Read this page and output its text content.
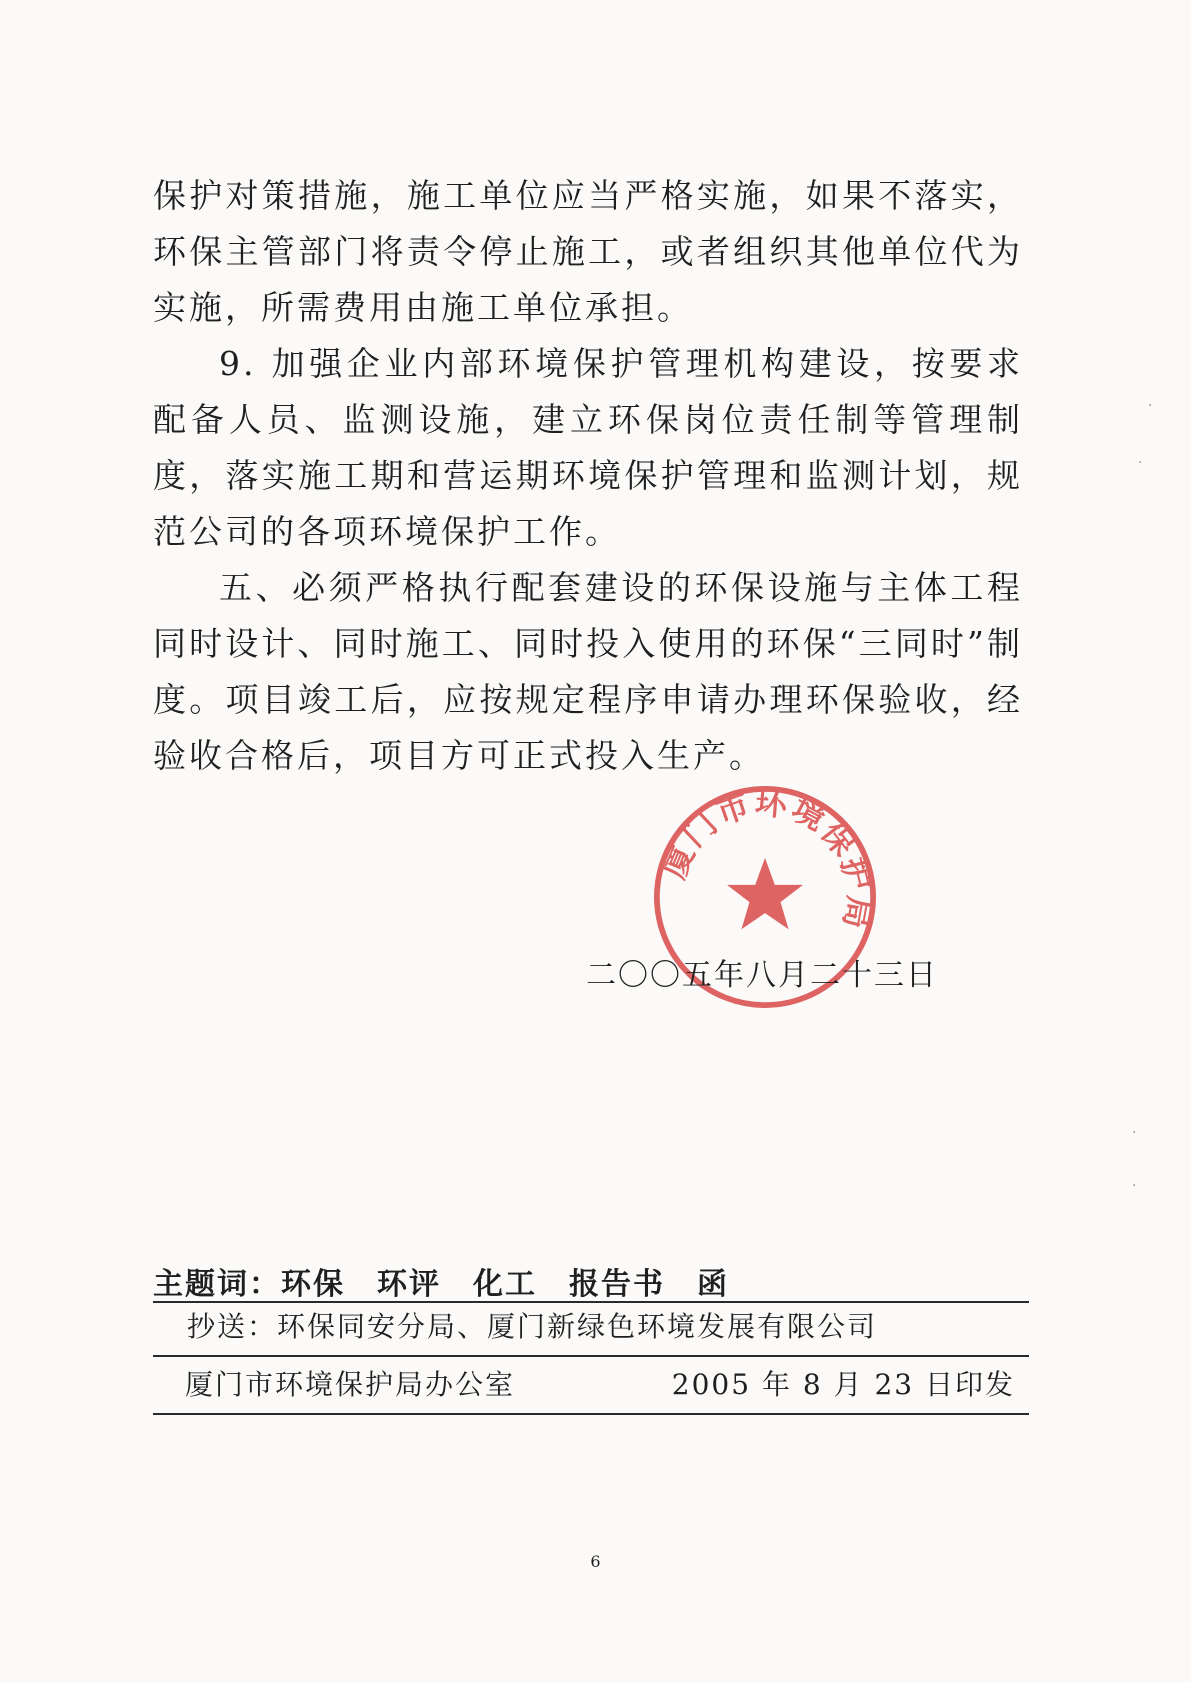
保护对策措施，施工单位应当严格实施，如果不落实，环保主管部门将责令停止施工，或者组织其他单位代为实施，所需费用由施工单位承担。

9. 加强企业内部环境保护管理机构建设，按要求配备人员、监测设施，建立环保岗位责任制等管理制度，落实施工期和营运期环境保护管理和监测计划，规范公司的各项环境保护工作。

五、必须严格执行配套建设的环保设施与主体工程同时设计、同时施工、同时投入使用的环保“三同时”制度。项目竣工后，应按规定程序申请办理环保验收，经验收合格后，项目方可正式投入生产。

厦门市环境保护局
二〇〇五年八月二十三日
主题词：环保　环评　化工　报告书　函
抄送：环保同安分局、厦门新绿色环境发展有限公司
厦门市环境保护局办公室	2005 年 8 月 23 日印发
6
·
·
·
·
